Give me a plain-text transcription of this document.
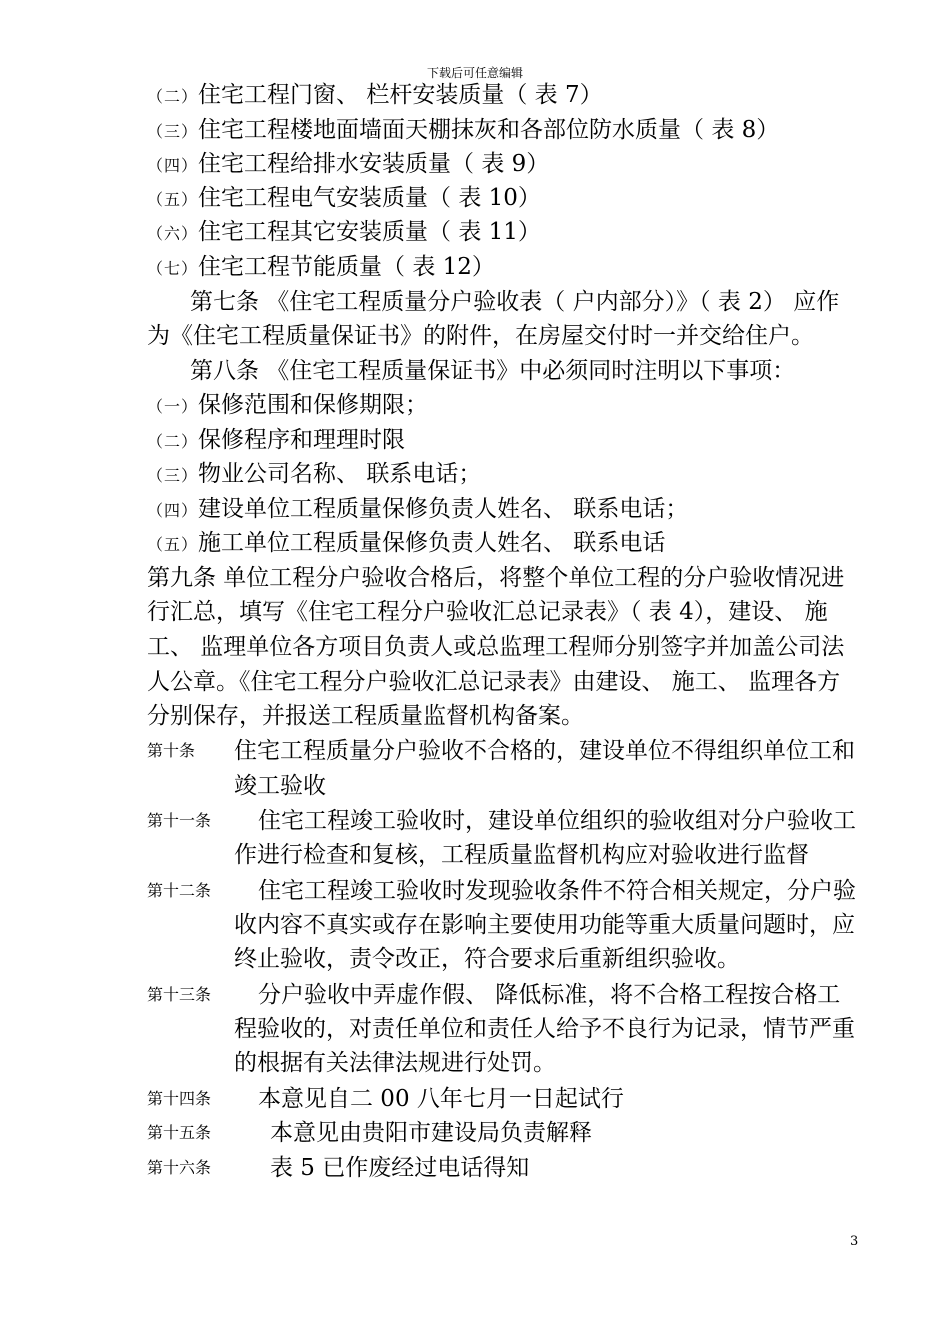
下载后可任意编辑
（二）住宅工程门窗、 栏杆安装质量（ 表 7）
（三）住宅工程楼地面墙面天棚抹灰和各部位防水质量（ 表 8）
（四）住宅工程给排水安装质量（ 表 9）
（五）住宅工程电气安装质量（ 表 10）
（六）住宅工程其它安装质量（ 表 11）
（七）住宅工程节能质量（ 表 12）
第七条 《住宅工程质量分户验收表（ 户内部分）》（ 表 2） 应作
为《住宅工程质量保证书》的附件，在房屋交付时一并交给住户。
第八条 《住宅工程质量保证书》中必须同时注明以下事项：
（一）保修范围和保修期限；
（二）保修程序和理理时限
（三）物业公司名称、 联系电话；
（四）建设单位工程质量保修负责人姓名、 联系电话；
（五）施工单位工程质量保修负责人姓名、 联系电话
第九条 单位工程分户验收合格后，将整个单位工程的分户验收情况进
行汇总，填写《住宅工程分户验收汇总记录表》（ 表 4），建设、 施
工、 监理单位各方项目负责人或总监理工程师分别签字并加盖公司法
人公章。《住宅工程分户验收汇总记录表》由建设、 施工、 监理各方
分别保存，并报送工程质量监督机构备案。
第十条 住宅工程质量分户验收不合格的，建设单位不得组织单位工和
竣工验收
第十一条 住宅工程竣工验收时，建设单位组织的验收组对分户验收工
作进行检查和复核，工程质量监督机构应对验收进行监督
第十二条 住宅工程竣工验收时发现验收条件不符合相关规定，分户验
收内容不真实或存在影响主要使用功能等重大质量问题时，应
终止验收，责令改正，符合要求后重新组织验收。
第十三条 分户验收中弄虚作假、 降低标准，将不合格工程按合格工
程验收的，对责任单位和责任人给予不良行为记录，情节严重
的根据有关法律法规进行处罚。
第十四条 本意见自二 00 八年七月一日起试行
第十五条	本意见由贵阳市建设局负责解释
第十六条	表 5 已作废经过电话得知
3
